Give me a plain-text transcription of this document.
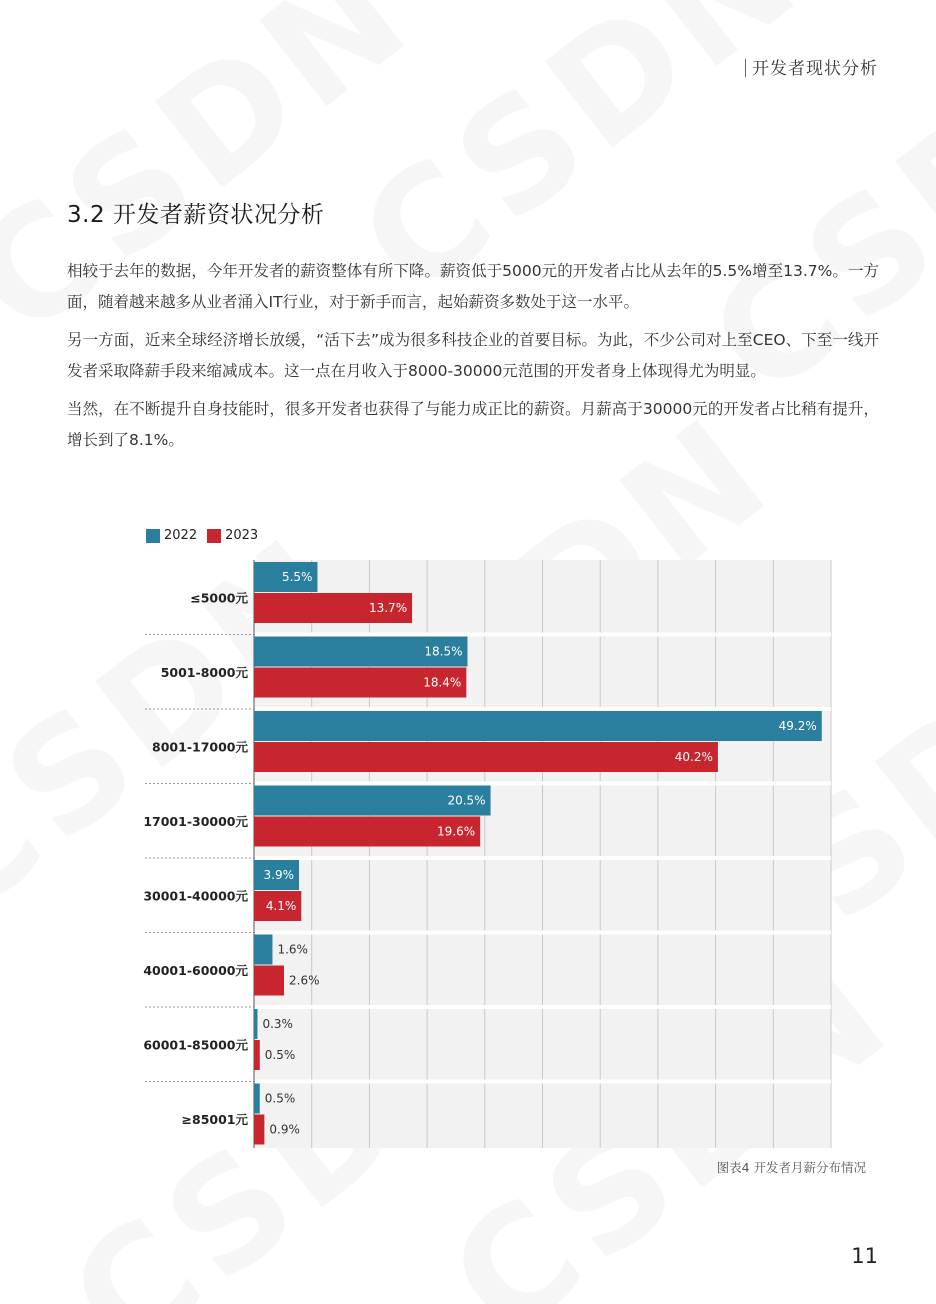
开发者现状分析
3.2 开发者薪资状况分析

相较于去年的数据，今年开发者的薪资整体有所下降。薪资低于5000元的开发者占比从去年的5.5%增至13.7%。一方面，随着越来越多从业者涌入IT行业，对于新手而言，起始薪资多数处于这一水平。

另一方面，近来全球经济增长放缓，“活下去”成为很多科技企业的首要目标。为此，不少公司对上至CEO、下至一线开发者采取降薪手段来缩减成本。这一点在月收入于8000-30000元范围的开发者身上体现得尤为明显。

当然，在不断提升自身技能时，很多开发者也获得了与能力成正比的薪资。月薪高于30000元的开发者占比稍有提升，增长到了8.1%。

2022 2023
≤5000元
5.5%
13.7%
5001-8000元
18.5%
18.4%
8001-17000元
49.2%
40.2%
17001-30000元
20.5%
19.6%
30001-40000元
3.9%
4.1%
40001-60000元
1.6%
2.6%
60001-85000元
0.3%
0.5%
≥85001元
0.5%
0.9%
图表4 开发者月薪分布情况
11
